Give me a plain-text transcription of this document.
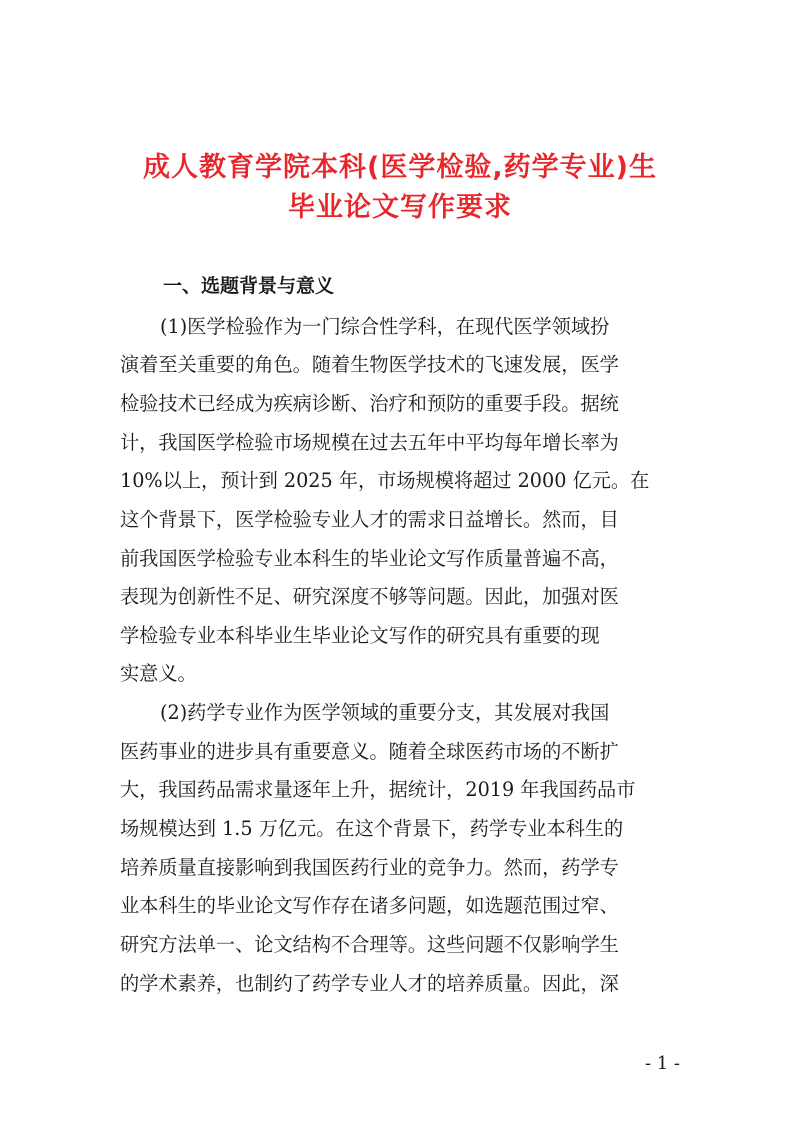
成人教育学院本科(医学检验,药学专业)生
毕业论文写作要求
一、选题背景与意义
(1)医学检验作为一门综合性学科，在现代医学领域扮
演着至关重要的角色。随着生物医学技术的飞速发展，医学
检验技术已经成为疾病诊断、治疗和预防的重要手段。据统
计，我国医学检验市场规模在过去五年中平均每年增长率为
10%以上，预计到 2025 年，市场规模将超过 2000 亿元。在
这个背景下，医学检验专业人才的需求日益增长。然而，目
前我国医学检验专业本科生的毕业论文写作质量普遍不高，
表现为创新性不足、研究深度不够等问题。因此，加强对医
学检验专业本科毕业生毕业论文写作的研究具有重要的现
实意义。
(2)药学专业作为医学领域的重要分支，其发展对我国
医药事业的进步具有重要意义。随着全球医药市场的不断扩
大，我国药品需求量逐年上升，据统计，2019 年我国药品市
场规模达到 1.5 万亿元。在这个背景下，药学专业本科生的
培养质量直接影响到我国医药行业的竞争力。然而，药学专
业本科生的毕业论文写作存在诸多问题，如选题范围过窄、
研究方法单一、论文结构不合理等。这些问题不仅影响学生
的学术素养，也制约了药学专业人才的培养质量。因此，深
- 1 -
